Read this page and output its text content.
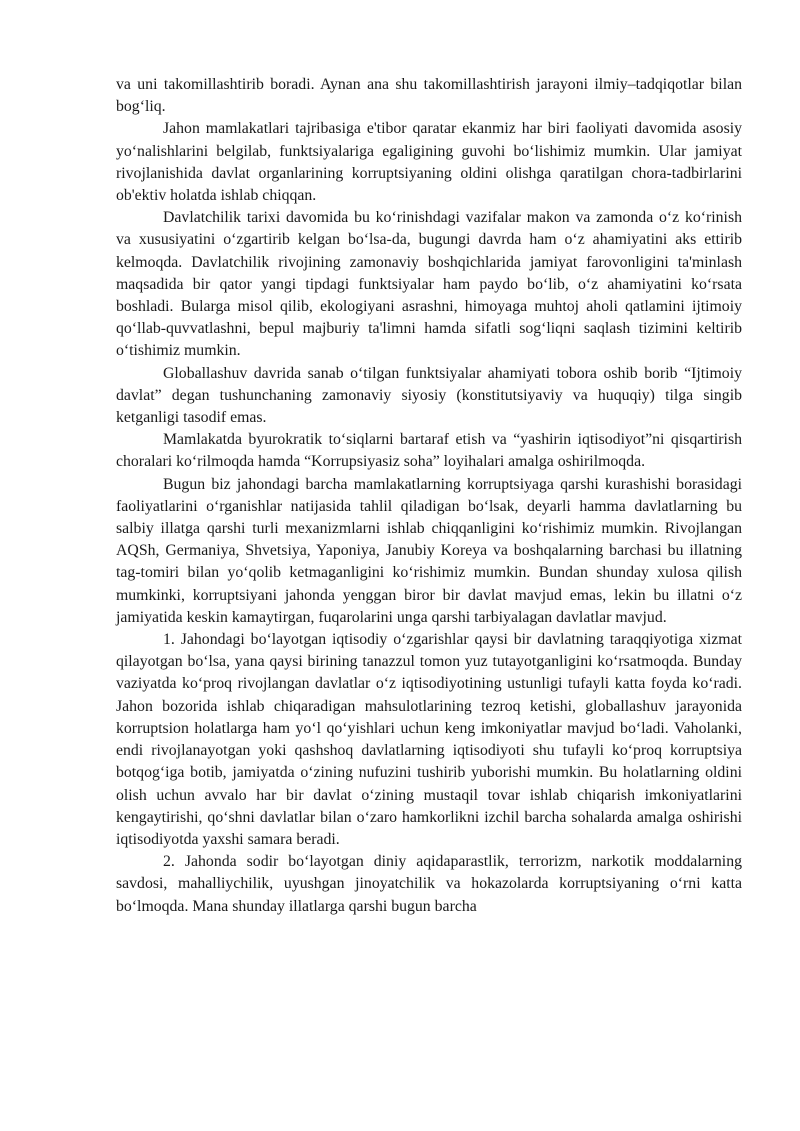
va uni takomillashtirib boradi. Aynan ana shu takomillashtirish jarayoni ilmiy–tadqiqotlar bilan bog‘liq.

Jahon mamlakatlari tajribasiga e'tibor qaratar ekanmiz har biri faoliyati davomida asosiy yo‘nalishlarini belgilab, funktsiyalariga egaligining guvohi bo‘lishimiz mumkin. Ular jamiyat rivojlanishida davlat organlarining korruptsiyaning oldini olishga qaratilgan chora-tadbirlarini ob'ektiv holatda ishlab chiqqan.

Davlatchilik tarixi davomida bu ko‘rinishdagi vazifalar makon va zamonda o‘z ko‘rinish va xususiyatini o‘zgartirib kelgan bo‘lsa-da, bugungi davrda ham o‘z ahamiyatini aks ettirib kelmoqda. Davlatchilik rivojining zamonaviy boshqichlarida jamiyat farovonligini ta'minlash maqsadida bir qator yangi tipdagi funktsiyalar ham paydo bo‘lib, o‘z ahamiyatini ko‘rsata boshladi. Bularga misol qilib, ekologiyani asrashni, himoyaga muhtoj aholi qatlamini ijtimoiy qo‘llab-quvvatlashni, bepul majburiy ta'limni hamda sifatli sog‘liqni saqlash tizimini keltirib o‘tishimiz mumkin.

Globallashuv davrida sanab o‘tilgan funktsiyalar ahamiyati tobora oshib borib “Ijtimoiy davlat” degan tushunchaning zamonaviy siyosiy (konstitutsiyaviy va huquqiy) tilga singib ketganligi tasodif emas.

Mamlakatda byurokratik to‘siqlarni bartaraf etish va “yashirin iqtisodiyot”ni qisqartirish choralari ko‘rilmoqda hamda “Korrupsiyasiz soha” loyihalari amalga oshirilmoqda.

Bugun biz jahondagi barcha mamlakatlarning korruptsiyaga qarshi kurashishi borasidagi faoliyatlarini o‘rganishlar natijasida tahlil qiladigan bo‘lsak, deyarli hamma davlatlarning bu salbiy illatga qarshi turli mexanizmlarni ishlab chiqqanligini ko‘rishimiz mumkin. Rivojlangan AQSh, Germaniya, Shvetsiya, Yaponiya, Janubiy Koreya va boshqalarning barchasi bu illatning tag-tomiri bilan yo‘qolib ketmaganligini ko‘rishimiz mumkin. Bundan shunday xulosa qilish mumkinki, korruptsiyani jahonda yenggan biror bir davlat mavjud emas, lekin bu illatni o‘z jamiyatida keskin kamaytirgan, fuqarolarini unga qarshi tarbiyalagan davlatlar mavjud.

1. Jahondagi bo‘layotgan iqtisodiy o‘zgarishlar qaysi bir davlatning taraqqiyotiga xizmat qilayotgan bo‘lsa, yana qaysi birining tanazzul tomon yuz tutayotganligini ko‘rsatmoqda. Bunday vaziyatda ko‘proq rivojlangan davlatlar o‘z iqtisodiyotining ustunligi tufayli katta foyda ko‘radi. Jahon bozorida ishlab chiqaradigan mahsulotlarining tezroq ketishi, globallashuv jarayonida korruptsion holatlarga ham yo‘l qo‘yishlari uchun keng imkoniyatlar mavjud bo‘ladi. Vaholanki, endi rivojlanayotgan yoki qashshoq davlatlarning iqtisodiyoti shu tufayli ko‘proq korruptsiya botqog‘iga botib, jamiyatda o‘zining nufuzini tushirib yuborishi mumkin. Bu holatlarning oldini olish uchun avvalo har bir davlat o‘zining mustaqil tovar ishlab chiqarish imkoniyatlarini kengaytirishi, qo‘shni davlatlar bilan o‘zaro hamkorlikni izchil barcha sohalarda amalga oshirishi iqtisodiyotda yaxshi samara beradi.

2. Jahonda sodir bo‘layotgan diniy aqidaparastlik, terrorizm, narkotik moddalarning savdosi, mahalliychilik, uyushgan jinoyatchilik va hokazolarda korruptsiyaning o‘rni katta bo‘lmoqda. Mana shunday illatlarga qarshi bugun barcha
